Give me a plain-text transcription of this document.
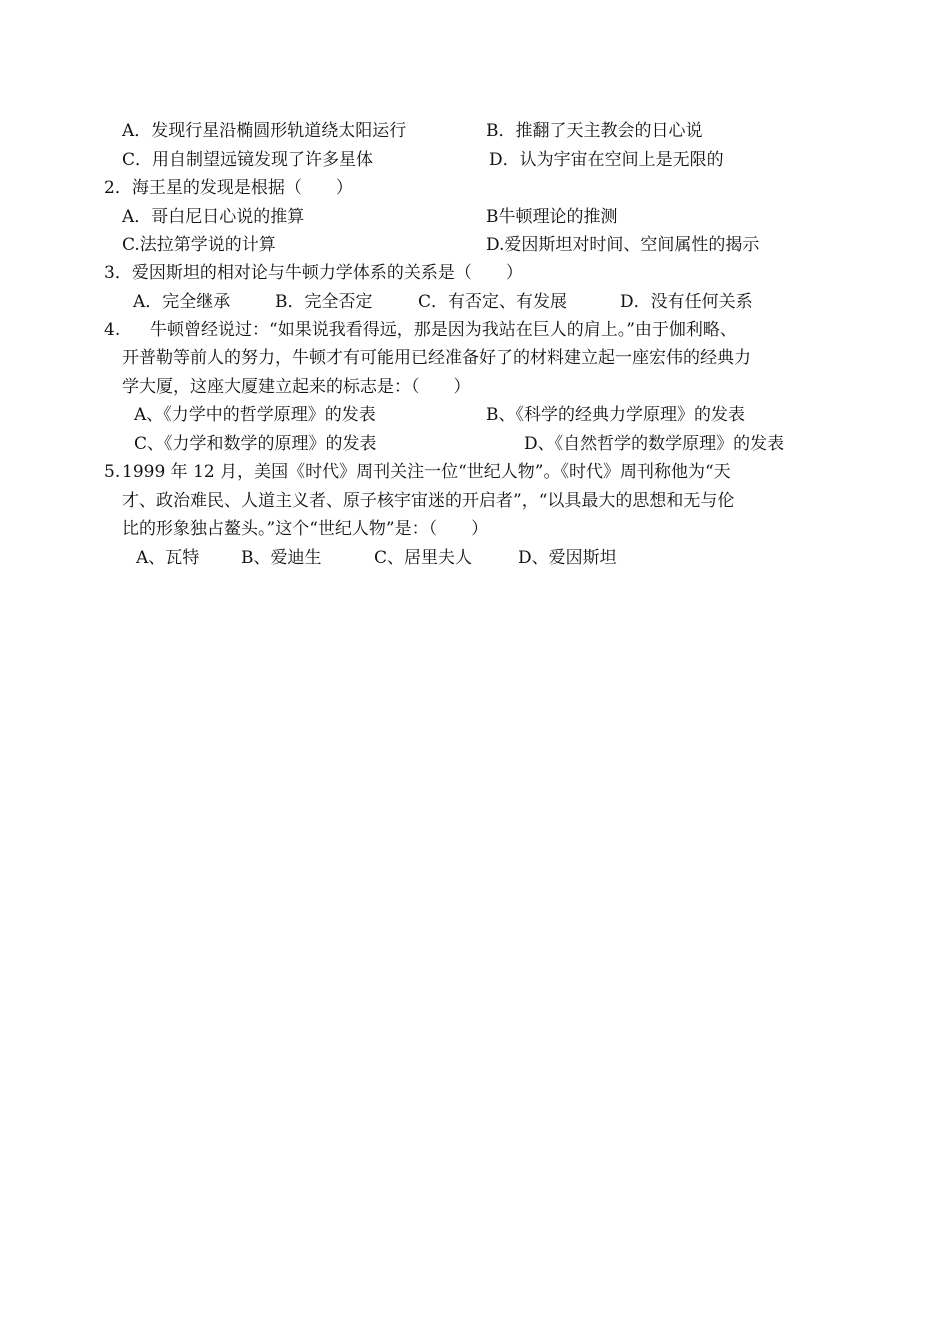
A．发现行星沿椭圆形轨道绕太阳运行	B．推翻了天主教会的日心说
C．用自制望远镜发现了许多星体	D．认为宇宙在空间上是无限的
2．海王星的发现是根据（　　）
A．哥白尼日心说的推算	B牛顿理论的推测
C.法拉第学说的计算	D.爱因斯坦对时间、空间属性的揭示
3．爱因斯坦的相对论与牛顿力学体系的关系是（　　）
A．完全继承	B．完全否定	C．有否定、有发展	D．没有任何关系
4. 牛顿曾经说过：“如果说我看得远，那是因为我站在巨人的肩上。”由于伽利略、
开普勒等前人的努力，牛顿才有可能用已经准备好了的材料建立起一座宏伟的经典力
学大厦，这座大厦建立起来的标志是：（　　）
A、《力学中的哲学原理》的发表	B、《科学的经典力学原理》的发表
C、《力学和数学的原理》的发表	D、《自然哲学的数学原理》的发表
5. 1999 年 12 月，美国《时代》周刊关注一位“世纪人物”。《时代》周刊称他为“天
才、政治难民、人道主义者、原子核宇宙迷的开启者”，“以具最大的思想和无与伦
比的形象独占鳌头。”这个“世纪人物”是：（　　）
A、瓦特 B、爱迪生	C、居里夫人	D、爱因斯坦
